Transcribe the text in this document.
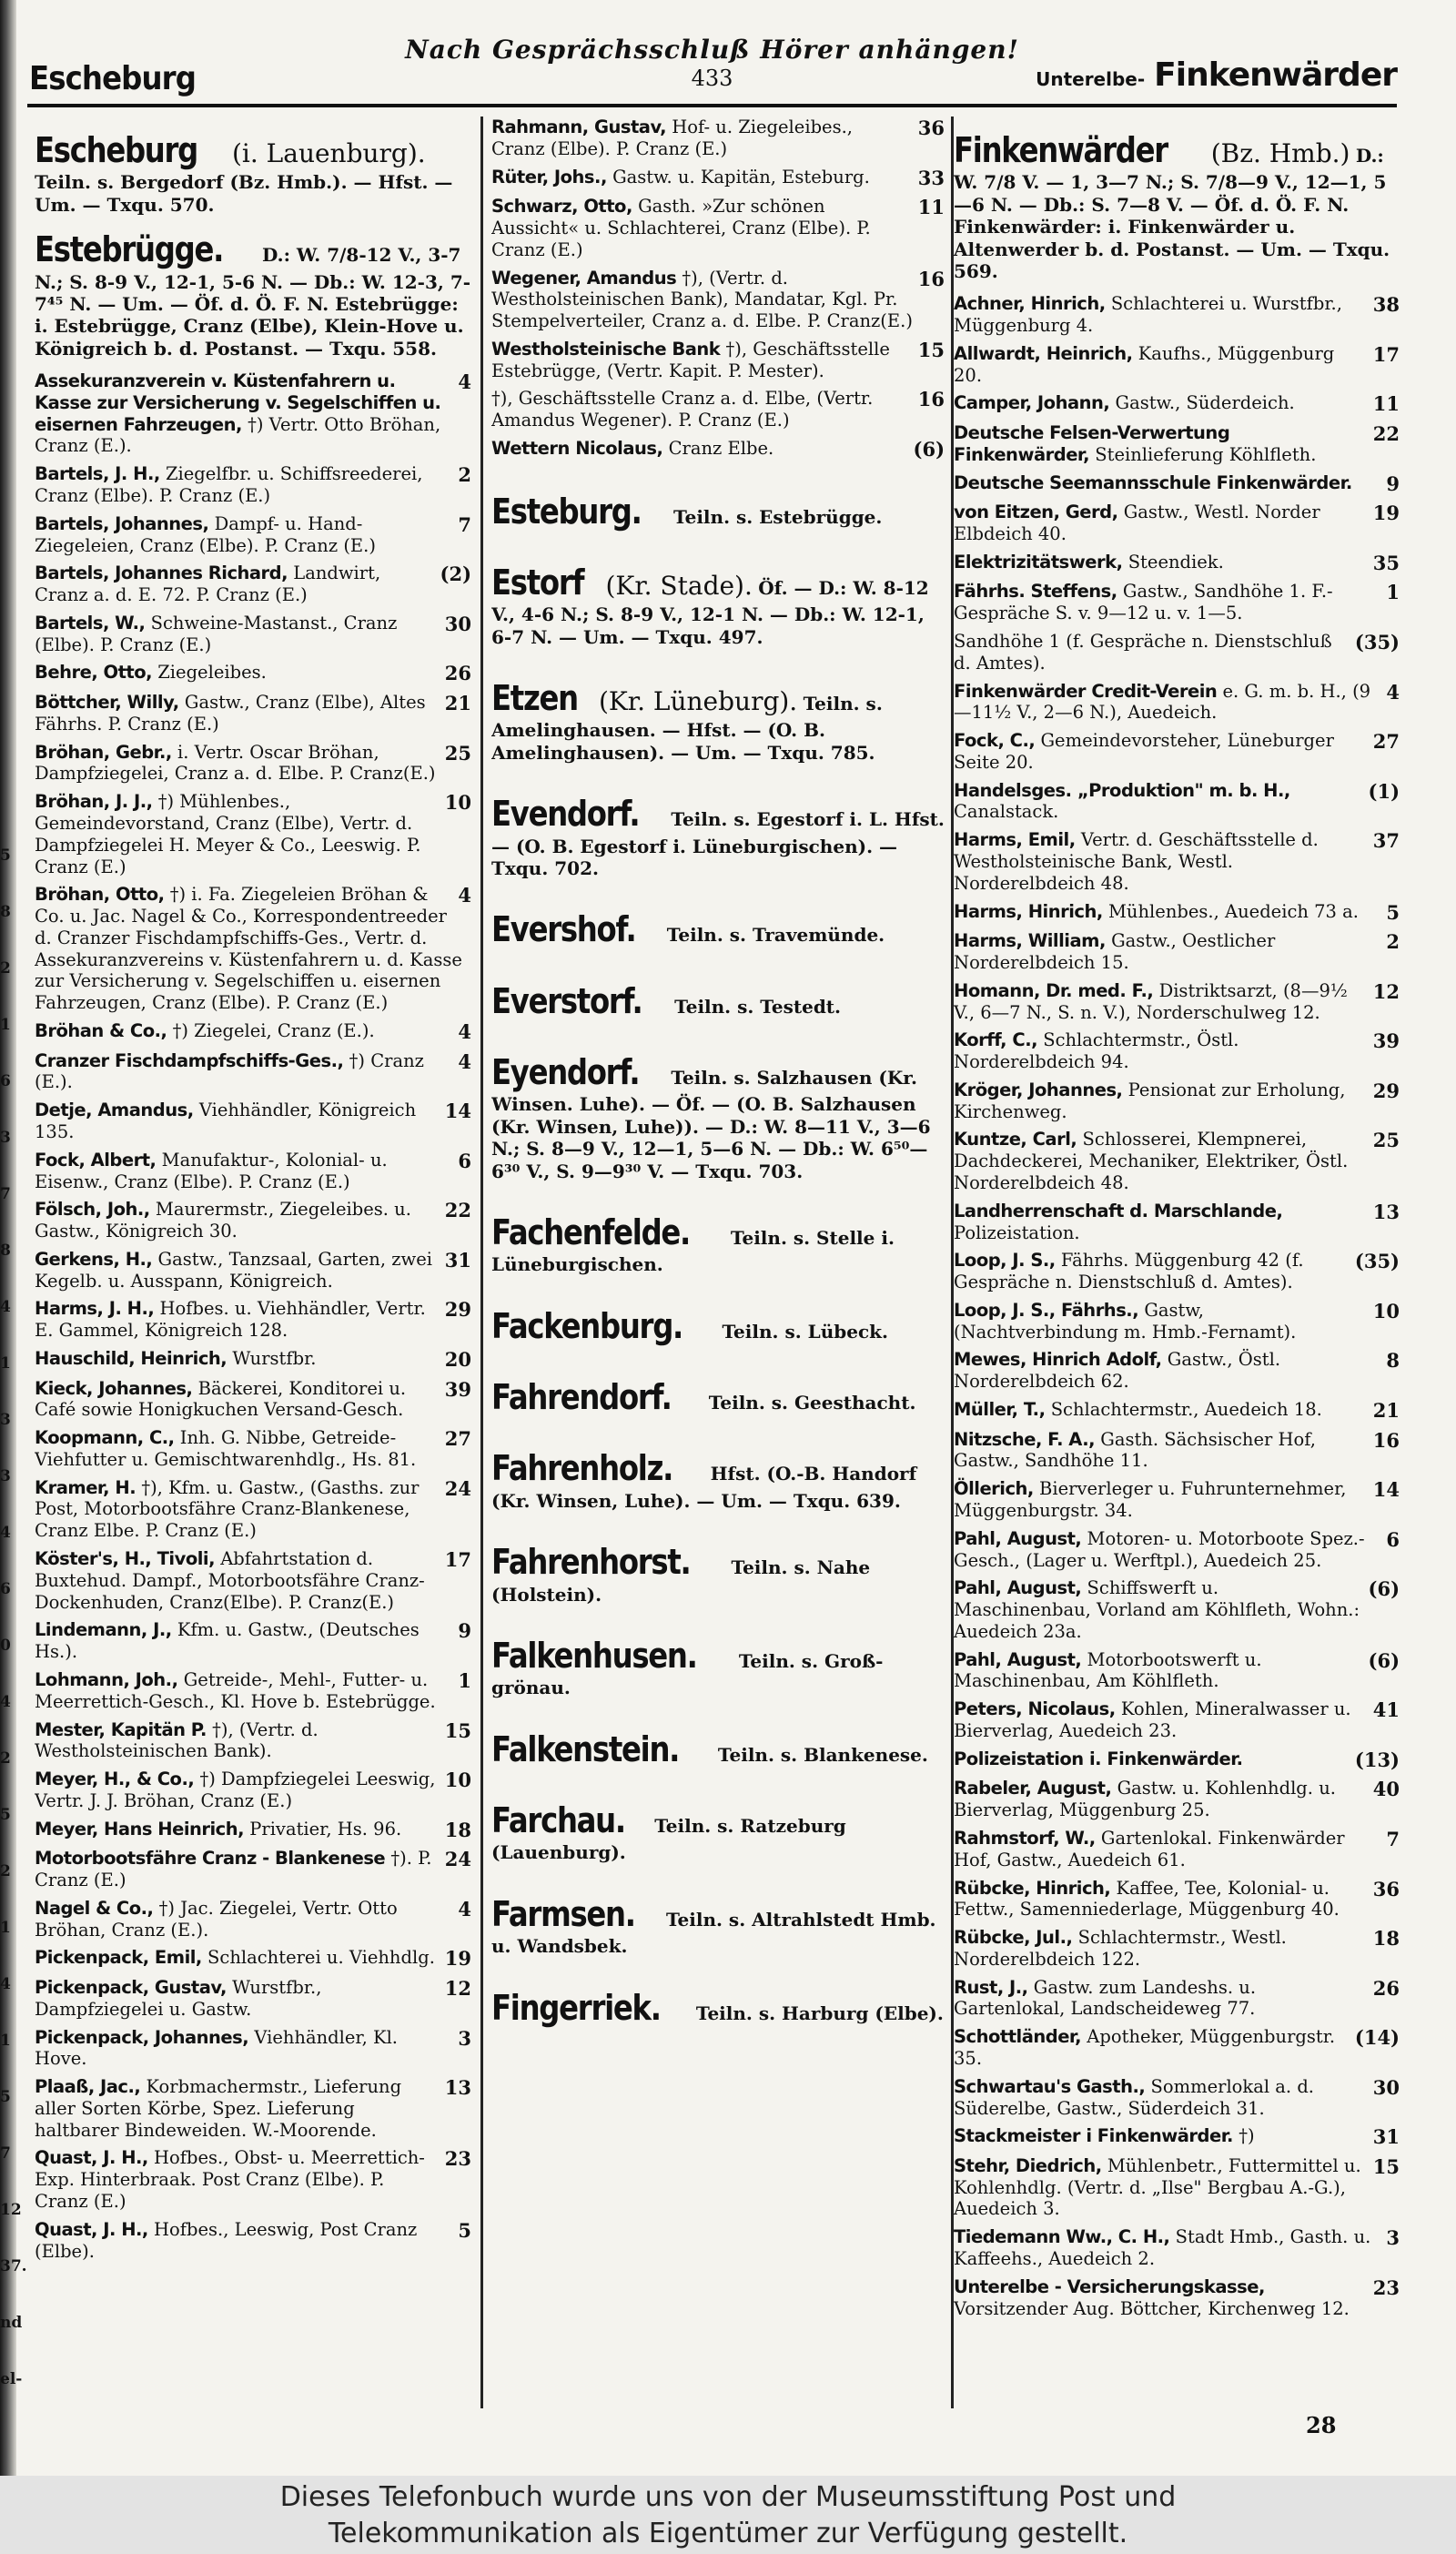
5
8
2
1
6
3
7
8
4
1
3
3
4
6
0
4
2
5
2
1
4
1
5
7
12
37.
nd
el-
Nach Gesprächsschluß Hörer anhängen!
433
Escheburg	Unterelbe- Finkenwärder
Escheburg (i. Lauenburg). Teiln. s. Bergedorf (Bz. Hmb.). — Hfst. — Um. — Txqu. 570.
Estebrügge. D.: W. 7/8-12 V., 3-7 N.; S. 8-9 V., 12-1, 5-6 N. — Db.: W. 12-3, 7-7⁴⁵ N. — Um. — Öf. d. Ö. F. N. Estebrügge: i. Estebrügge, Cranz (Elbe), Klein-Hove u. Königreich b. d. Postanst. — Txqu. 558.
4
Assekuranzverein v. Küstenfahrern u. Kasse zur Versicherung v. Segelschiffen u. eisernen Fahrzeugen, †) Vertr. Otto Bröhan, Cranz (E.).
2
Bartels, J. H., Ziegelfbr. u. Schiffsreederei, Cranz (Elbe). P. Cranz (E.)
7
Bartels, Johannes, Dampf- u. Hand-Ziegeleien, Cranz (Elbe). P. Cranz (E.)
(2)
Bartels, Johannes Richard, Landwirt, Cranz a. d. E. 72. P. Cranz (E.)
30
Bartels, W., Schweine-Mastanst., Cranz (Elbe). P. Cranz (E.)
26
Behre, Otto, Ziegeleibes.
21
Böttcher, Willy, Gastw., Cranz (Elbe), Altes Fährhs. P. Cranz (E.)
25
Bröhan, Gebr., i. Vertr. Oscar Bröhan, Dampfziegelei, Cranz a. d. Elbe. P. Cranz(E.)
10
Bröhan, J. J., †) Mühlenbes., Gemeindevorstand, Cranz (Elbe), Vertr. d. Dampfziegelei H. Meyer & Co., Leeswig. P. Cranz (E.)
4
Bröhan, Otto, †) i. Fa. Ziegeleien Bröhan & Co. u. Jac. Nagel & Co., Korrespondentreeder d. Cranzer Fischdampfschiffs-Ges., Vertr. d. Assekuranzvereins v. Küstenfahrern u. d. Kasse zur Versicherung v. Segelschiffen u. eisernen Fahrzeugen, Cranz (Elbe). P. Cranz (E.)
4
Bröhan & Co., †) Ziegelei, Cranz (E.).
4
Cranzer Fischdampfschiffs-Ges., †) Cranz (E.).
14
Detje, Amandus, Viehhändler, Königreich 135.
6
Fock, Albert, Manufaktur-, Kolonial- u. Eisenw., Cranz (Elbe). P. Cranz (E.)
22
Fölsch, Joh., Maurermstr., Ziegeleibes. u. Gastw., Königreich 30.
31
Gerkens, H., Gastw., Tanzsaal, Garten, zwei Kegelb. u. Ausspann, Königreich.
29
Harms, J. H., Hofbes. u. Viehhändler, Vertr. E. Gammel, Königreich 128.
20
Hauschild, Heinrich, Wurstfbr.
39
Kieck, Johannes, Bäckerei, Konditorei u. Café sowie Honigkuchen Versand-Gesch.
27
Koopmann, C., Inh. G. Nibbe, Getreide-Viehfutter u. Gemischtwarenhdlg., Hs. 81.
24
Kramer, H. †), Kfm. u. Gastw., (Gasths. zur Post, Motorbootsfähre Cranz-Blankenese, Cranz Elbe. P. Cranz (E.)
17
Köster's, H., Tivoli, Abfahrtstation d. Buxtehud. Dampf., Motorbootsfähre Cranz-Dockenhuden, Cranz(Elbe). P. Cranz(E.)
9
Lindemann, J., Kfm. u. Gastw., (Deutsches Hs.).
1
Lohmann, Joh., Getreide-, Mehl-, Futter- u. Meerrettich-Gesch., Kl. Hove b. Estebrügge.
15
Mester, Kapitän P. †), (Vertr. d. Westholsteinischen Bank).
10
Meyer, H., & Co., †) Dampfziegelei Leeswig, Vertr. J. J. Bröhan, Cranz (E.)
18
Meyer, Hans Heinrich, Privatier, Hs. 96.
24
Motorbootsfähre Cranz - Blankenese †). P. Cranz (E.)
4
Nagel & Co., †) Jac. Ziegelei, Vertr. Otto Bröhan, Cranz (E.).
19
Pickenpack, Emil, Schlachterei u. Viehhdlg.
12
Pickenpack, Gustav, Wurstfbr., Dampfziegelei u. Gastw.
3
Pickenpack, Johannes, Viehhändler, Kl. Hove.
13
Plaaß, Jac., Korbmachermstr., Lieferung aller Sorten Körbe, Spez. Lieferung haltbarer Bindeweiden. W.-Moorende.
23
Quast, J. H., Hofbes., Obst- u. Meerrettich-Exp. Hinterbraak. Post Cranz (Elbe). P. Cranz (E.)
5
Quast, J. H., Hofbes., Leeswig, Post Cranz (Elbe).
36
Rahmann, Gustav, Hof- u. Ziegeleibes., Cranz (Elbe). P. Cranz (E.)
33
Rüter, Johs., Gastw. u. Kapitän, Esteburg.
11
Schwarz, Otto, Gasth. »Zur schönen Aussicht« u. Schlachterei, Cranz (Elbe). P. Cranz (E.)
16
Wegener, Amandus †), (Vertr. d. Westholsteinischen Bank), Mandatar, Kgl. Pr. Stempelverteiler, Cranz a. d. Elbe. P. Cranz(E.)
15
Westholsteinische Bank †), Geschäftsstelle Estebrügge, (Vertr. Kapit. P. Mester).
16
†), Geschäftsstelle Cranz a. d. Elbe, (Vertr. Amandus Wegener). P. Cranz (E.)
(6)
Wettern Nicolaus, Cranz Elbe.
Esteburg. Teiln. s. Estebrügge.
Estorf (Kr. Stade). Öf. — D.: W. 8-12 V., 4-6 N.; S. 8-9 V., 12-1 N. — Db.: W. 12-1, 6-7 N. — Um. — Txqu. 497.
Etzen (Kr. Lüneburg). Teiln. s. Amelinghausen. — Hfst. — (O. B. Amelinghausen). — Um. — Txqu. 785.
Evendorf. Teiln. s. Egestorf i. L. Hfst. — (O. B. Egestorf i. Lüneburgischen). — Txqu. 702.
Evershof. Teiln. s. Travemünde.
Everstorf. Teiln. s. Testedt.
Eyendorf. Teiln. s. Salzhausen (Kr. Winsen. Luhe). — Öf. — (O. B. Salzhausen (Kr. Winsen, Luhe)). — D.: W. 8—11 V., 3—6 N.; S. 8—9 V., 12—1, 5—6 N. — Db.: W. 6⁵⁰—6³⁰ V., S. 9—9³⁰ V. — Txqu. 703.
Fachenfelde. Teiln. s. Stelle i. Lüneburgischen.
Fackenburg. Teiln. s. Lübeck.
Fahrendorf. Teiln. s. Geesthacht.
Fahrenholz. Hfst. (O.-B. Handorf (Kr. Winsen, Luhe). — Um. — Txqu. 639.
Fahrenhorst. Teiln. s. Nahe (Holstein).
Falkenhusen. Teiln. s. Groß-grönau.
Falkenstein. Teiln. s. Blankenese.
Farchau. Teiln. s. Ratzeburg (Lauenburg).
Farmsen. Teiln. s. Altrahlstedt Hmb. u. Wandsbek.
Fingerriek. Teiln. s. Harburg (Elbe).
Finkenwärder (Bz. Hmb.) D.: W. 7/8 V. — 1, 3—7 N.; S. 7/8—9 V., 12—1, 5—6 N. — Db.: S. 7—8 V. — Öf. d. Ö. F. N. Finkenwärder: i. Finkenwärder u. Altenwerder b. d. Postanst. — Um. — Txqu. 569.
38
Achner, Hinrich, Schlachterei u. Wurstfbr., Müggenburg 4.
17
Allwardt, Heinrich, Kaufhs., Müggenburg 20.
11
Camper, Johann, Gastw., Süderdeich.
22
Deutsche Felsen-Verwertung Finkenwärder, Steinlieferung Köhlfleth.
9
Deutsche Seemannsschule Finkenwärder.
19
von Eitzen, Gerd, Gastw., Westl. Norder Elbdeich 40.
35
Elektrizitätswerk, Steendiek.
1
Fährhs. Steffens, Gastw., Sandhöhe 1. F.-Gespräche S. v. 9—12 u. v. 1—5.
(35)
Sandhöhe 1 (f. Gespräche n. Dienstschluß d. Amtes).
4
Finkenwärder Credit-Verein e. G. m. b. H., (9—11½ V., 2—6 N.), Auedeich.
27
Fock, C., Gemeindevorsteher, Lüneburger Seite 20.
(1)
Handelsges. „Produktion" m. b. H., Canalstack.
37
Harms, Emil, Vertr. d. Geschäftsstelle d. Westholsteinische Bank, Westl. Norderelbdeich 48.
5
Harms, Hinrich, Mühlenbes., Auedeich 73 a.
2
Harms, William, Gastw., Oestlicher Norderelbdeich 15.
12
Homann, Dr. med. F., Distriktsarzt, (8—9½ V., 6—7 N., S. n. V.), Norderschulweg 12.
39
Korff, C., Schlachtermstr., Östl. Norderelbdeich 94.
29
Kröger, Johannes, Pensionat zur Erholung, Kirchenweg.
25
Kuntze, Carl, Schlosserei, Klempnerei, Dachdeckerei, Mechaniker, Elektriker, Östl. Norderelbdeich 48.
13
Landherrenschaft d. Marschlande, Polizeistation.
(35)
Loop, J. S., Fährhs. Müggenburg 42 (f. Gespräche n. Dienstschluß d. Amtes).
10
Loop, J. S., Fährhs., Gastw, (Nachtverbindung m. Hmb.-Fernamt).
8
Mewes, Hinrich Adolf, Gastw., Östl. Norderelbdeich 62.
21
Müller, T., Schlachtermstr., Auedeich 18.
16
Nitzsche, F. A., Gasth. Sächsischer Hof, Gastw., Sandhöhe 11.
14
Öllerich, Bierverleger u. Fuhrunternehmer, Müggenburgstr. 34.
6
Pahl, August, Motoren- u. Motorboote Spez.-Gesch., (Lager u. Werftpl.), Auedeich 25.
(6)
Pahl, August, Schiffswerft u. Maschinenbau, Vorland am Köhlfleth, Wohn.: Auedeich 23a.
(6)
Pahl, August, Motorbootswerft u. Maschinenbau, Am Köhlfleth.
41
Peters, Nicolaus, Kohlen, Mineralwasser u. Bierverlag, Auedeich 23.
(13)
Polizeistation i. Finkenwärder.
40
Rabeler, August, Gastw. u. Kohlenhdlg. u. Bierverlag, Müggenburg 25.
7
Rahmstorf, W., Gartenlokal. Finkenwärder Hof, Gastw., Auedeich 61.
36
Rübcke, Hinrich, Kaffee, Tee, Kolonial- u. Fettw., Samenniederlage, Müggenburg 40.
18
Rübcke, Jul., Schlachtermstr., Westl. Norderelbdeich 122.
26
Rust, J., Gastw. zum Landeshs. u. Gartenlokal, Landscheideweg 77.
(14)
Schottländer, Apotheker, Müggenburgstr. 35.
30
Schwartau's Gasth., Sommerlokal a. d. Süderelbe, Gastw., Süderdeich 31.
31
Stackmeister i Finkenwärder. †)
15
Stehr, Diedrich, Mühlenbetr., Futtermittel u. Kohlenhdlg. (Vertr. d. „Ilse" Bergbau A.-G.), Auedeich 3.
3
Tiedemann Ww., C. H., Stadt Hmb., Gasth. u. Kaffeehs., Auedeich 2.
23
Unterelbe - Versicherungskasse, Vorsitzender Aug. Böttcher, Kirchenweg 12.
28
Dieses Telefonbuch wurde uns von der Museumsstiftung Post und
Telekommunikation als Eigentümer zur Verfügung gestellt.
